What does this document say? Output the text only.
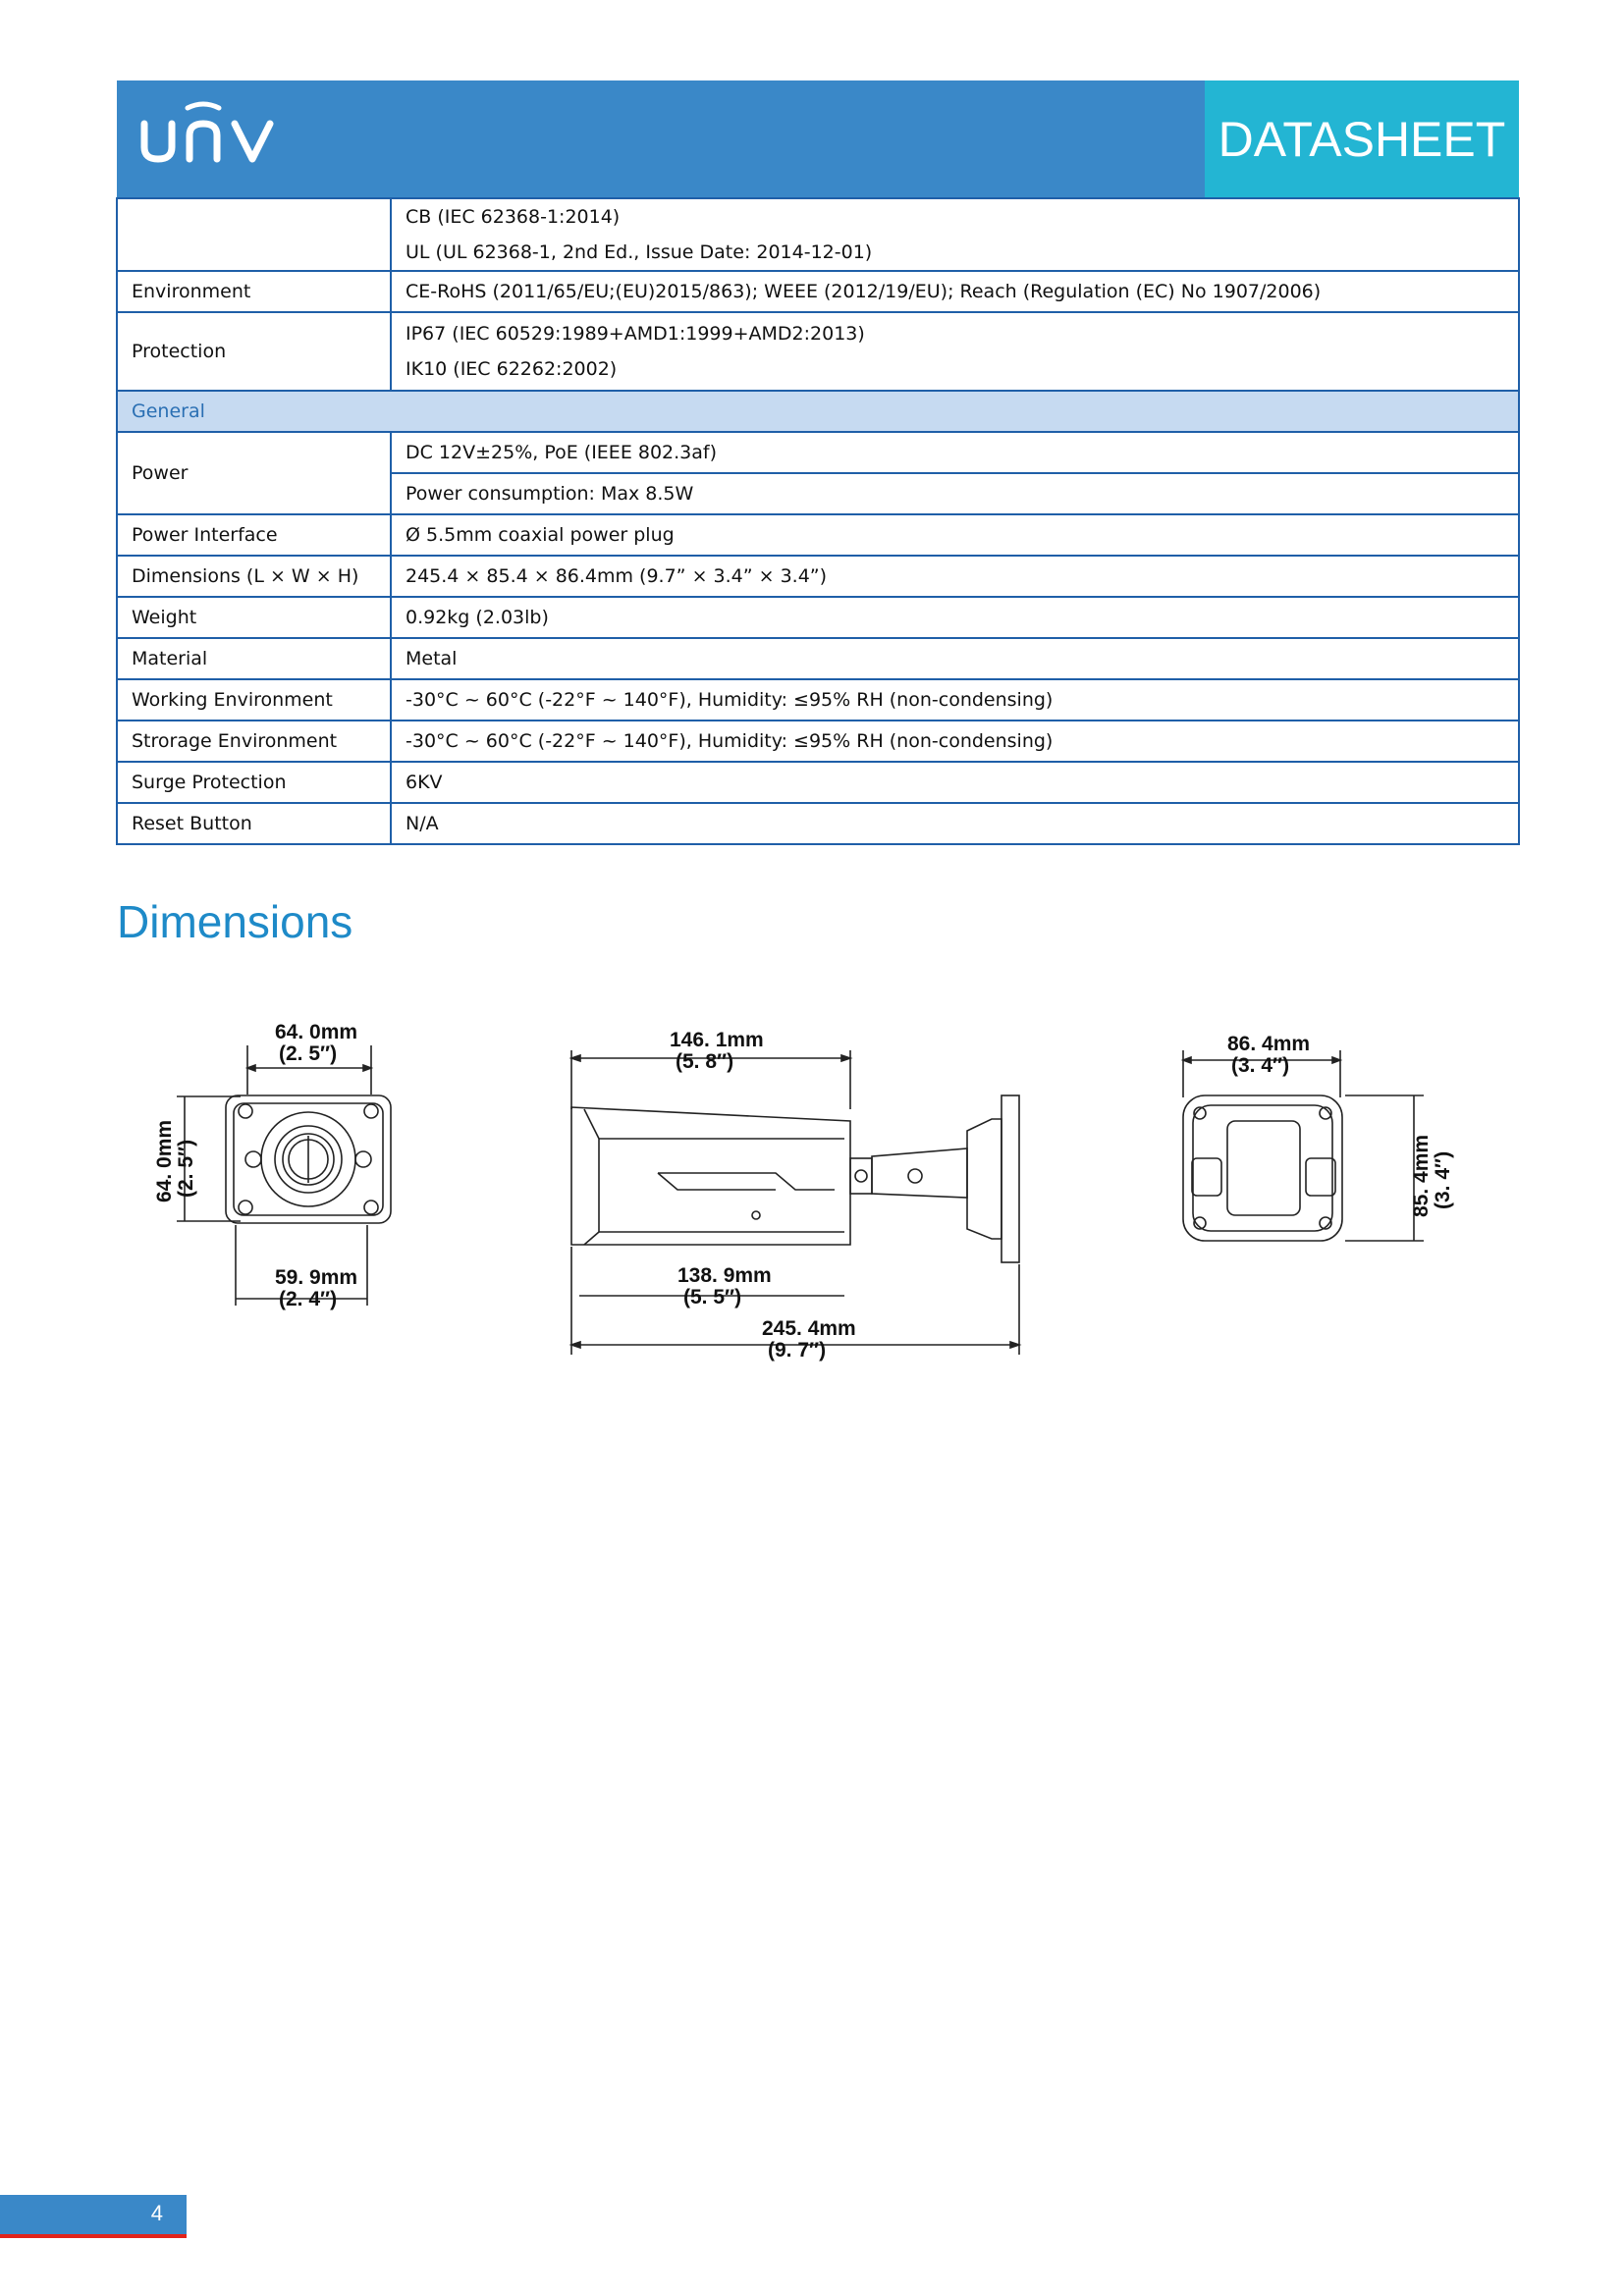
DATASHEET

	CB (IEC 62368-1:2014)
UL (UL 62368-1, 2nd Ed., Issue Date: 2014-12-01)

Environment	CE-RoHS (2011/65/EU;(EU)2015/863); WEEE (2012/19/EU); Reach (Regulation (EC) No 1907/2006)
Protection	IP67 (IEC 60529:1989+AMD1:1999+AMD2:2013)
IK10 (IEC 62262:2002)

General	
Power	DC 12V±25%, PoE (IEEE 802.3af)
	Power consumption: Max 8.5W
Power Interface	Ø 5.5mm coaxial power plug
Dimensions (L × W × H)	245.4 × 85.4 × 86.4mm (9.7” × 3.4” × 3.4”)
Weight	0.92kg (2.03lb)
Material	Metal
Working Environment	-30°C ~ 60°C (-22°F ~ 140°F), Humidity: ≤95% RH (non-condensing)
Strorage Environment	-30°C ~ 60°C (-22°F ~ 140°F), Humidity: ≤95% RH (non-condensing)
Surge Protection	6KV
Reset Button	N/A
Dimensions
64. 0mm
(2. 5″)
64. 0mm (2. 5″)
59. 9mm
(2. 4″)
146. 1mm
(5. 8″)
138. 9mm
(5. 5″)
245. 4mm
(9. 7″)
86. 4mm
(3. 4″)
85. 4mm (3. 4″)
4
